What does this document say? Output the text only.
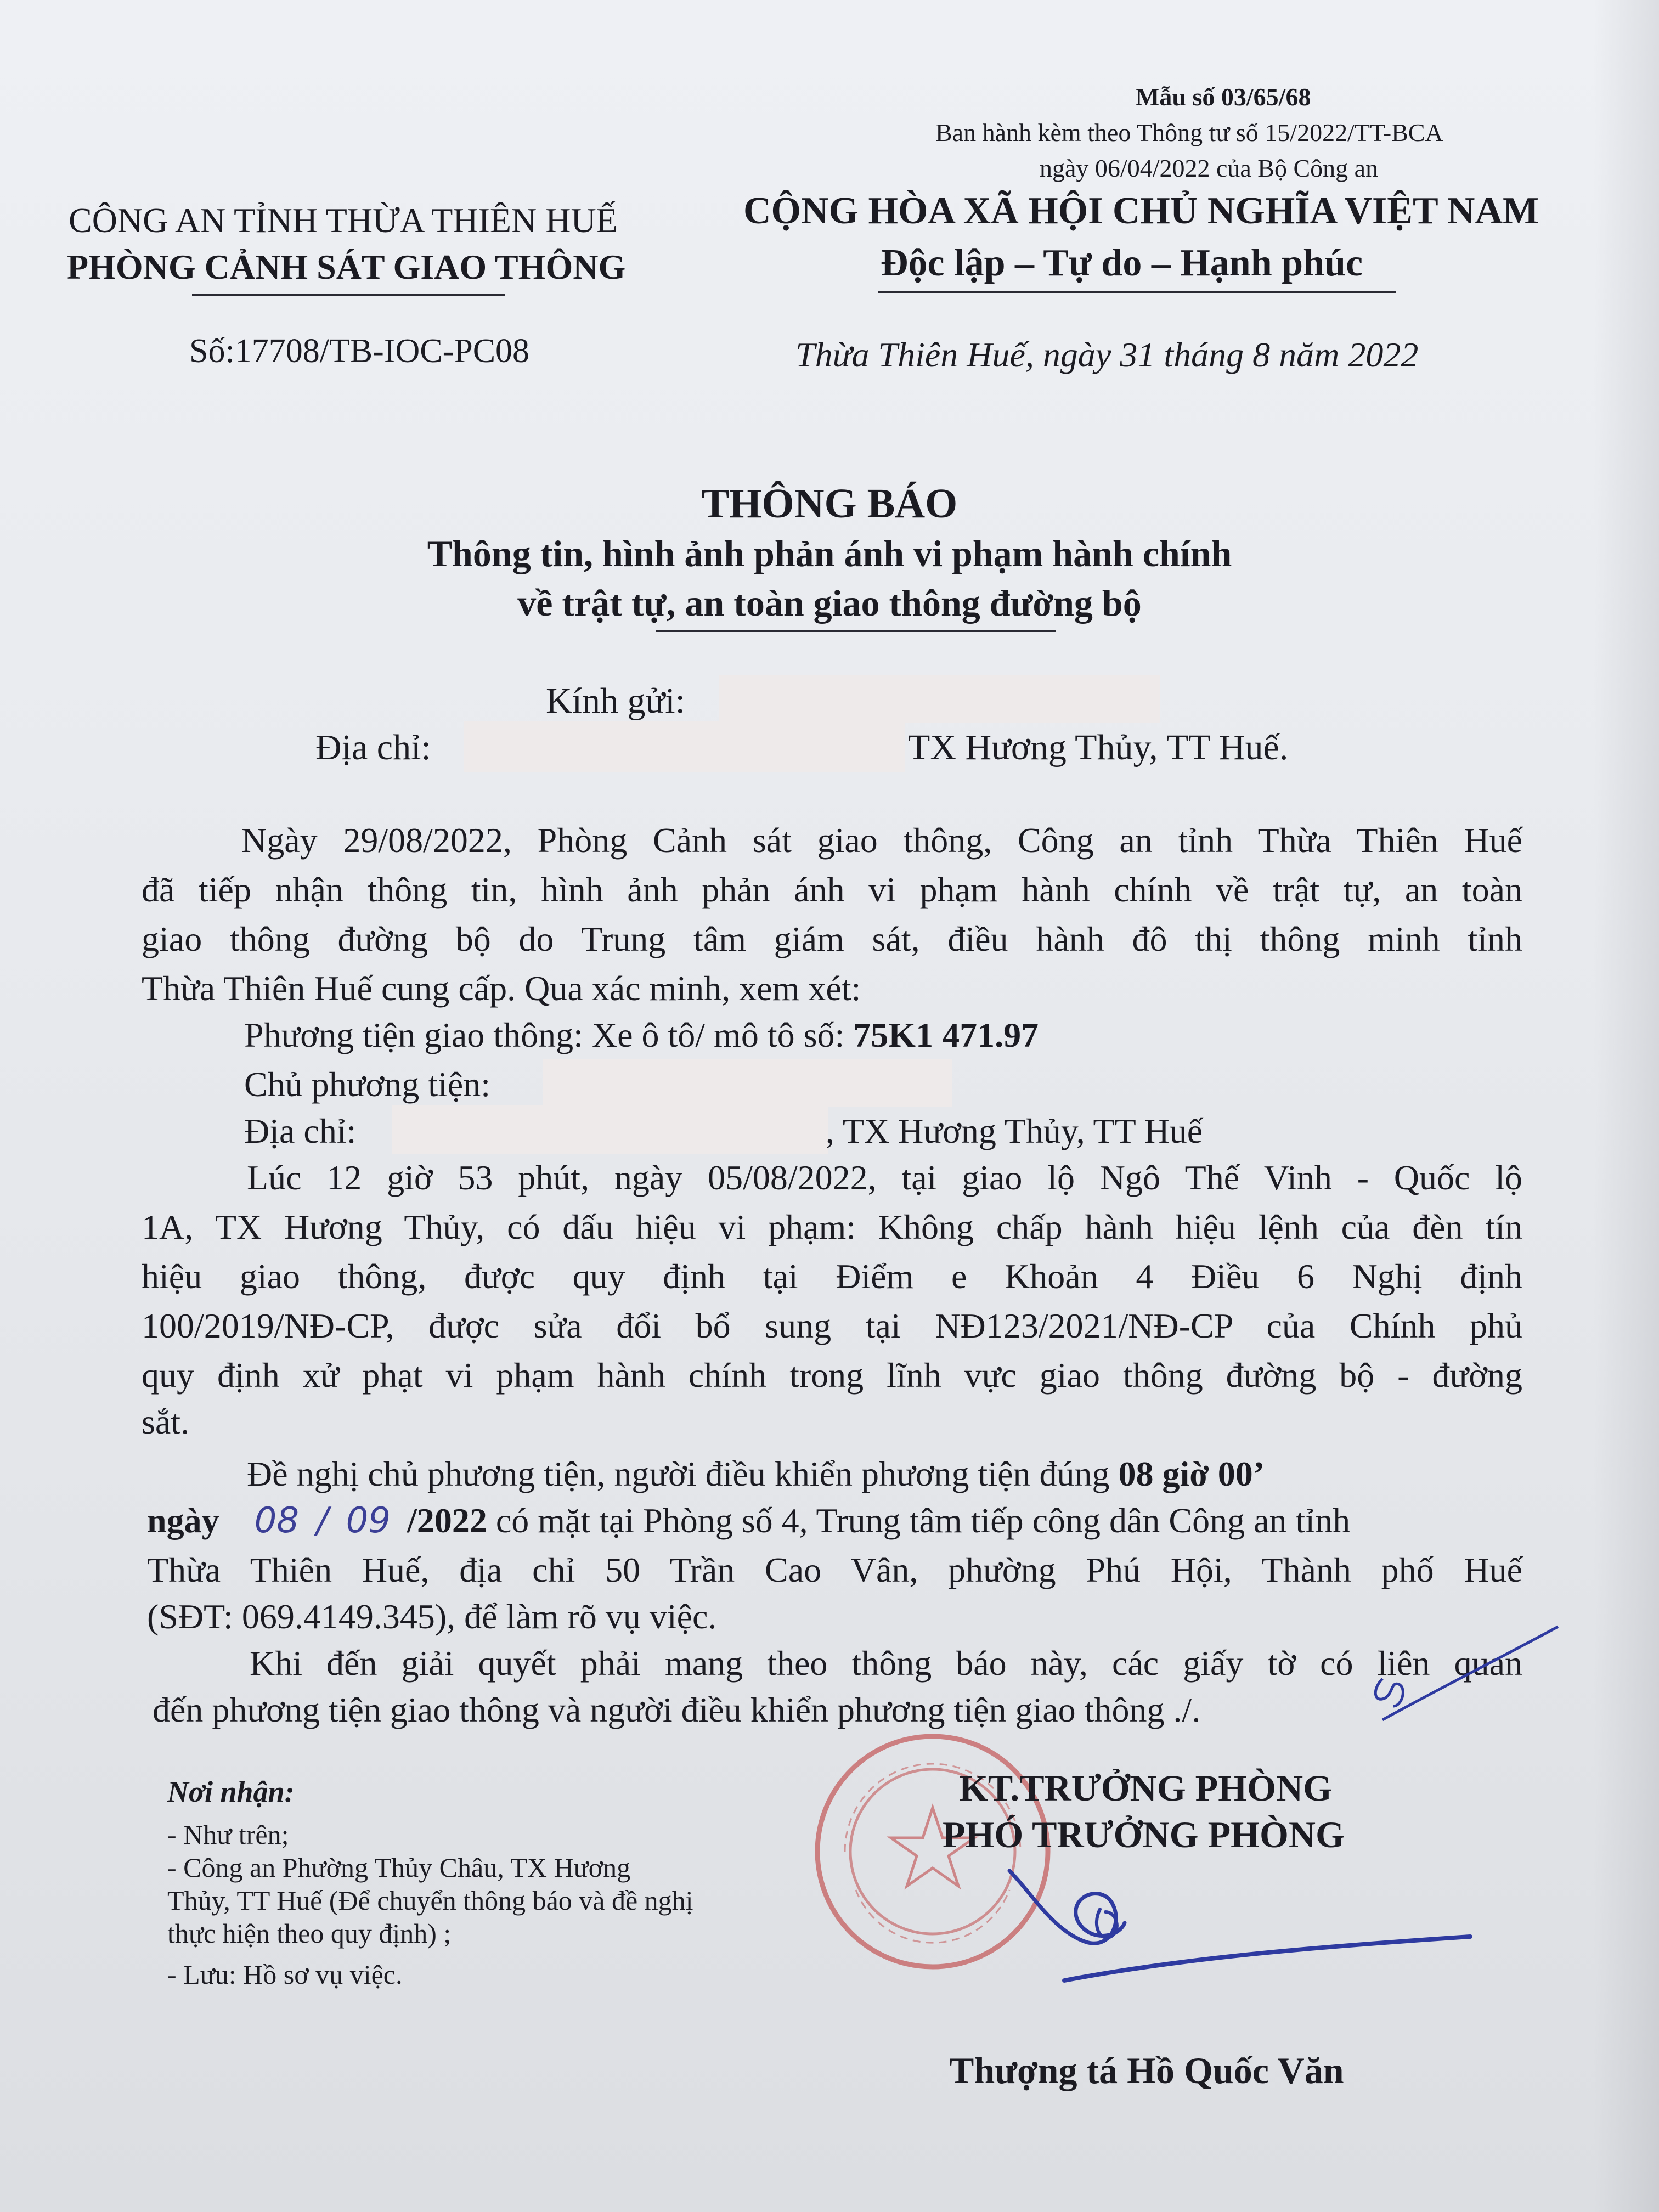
Mẫu số 03/65/68
Ban hành kèm theo Thông tư số 15/2022/TT-BCA
ngày 06/04/2022 của Bộ Công an
CÔNG AN TỈNH THỪA THIÊN HUẾ
PHÒNG CẢNH SÁT GIAO THÔNG
Số:17708/TB-IOC-PC08
CỘNG HÒA XÃ HỘI CHỦ NGHĨA VIỆT NAM
Độc lập – Tự do – Hạnh phúc
Thừa Thiên Huế, ngày 31 tháng 8 năm 2022
THÔNG BÁO
Thông tin, hình ảnh phản ánh vi phạm hành chính
về trật tự, an toàn giao thông đường bộ
Kính gửi:
Địa chỉ:	TX Hương Thủy, TT Huế.
Ngày 29/08/2022, Phòng Cảnh sát giao thông, Công an tỉnh Thừa Thiên Huế
đã tiếp nhận thông tin, hình ảnh phản ánh vi phạm hành chính về trật tự, an toàn
giao thông đường bộ do Trung tâm giám sát, điều hành đô thị thông minh tỉnh
Thừa Thiên Huế cung cấp. Qua xác minh, xem xét:
Phương tiện giao thông: Xe ô tô/ mô tô số: 75K1 471.97
Chủ phương tiện:
Địa chỉ:	, TX Hương Thủy, TT Huế
Lúc 12 giờ 53 phút, ngày 05/08/2022, tại giao lộ Ngô Thế Vinh - Quốc lộ
1A, TX Hương Thủy, có dấu hiệu vi phạm: Không chấp hành hiệu lệnh của đèn tín
hiệu giao thông, được quy định tại Điểm e Khoản 4 Điều 6 Nghị định
100/2019/NĐ-CP, được sửa đổi bổ sung tại NĐ123/2021/NĐ-CP của Chính phủ
quy định xử phạt vi phạm hành chính trong lĩnh vực giao thông đường bộ - đường
sắt.
Đề nghị chủ phương tiện, người điều khiển phương tiện đúng 08 giờ 00’
ngày 08 / 09 /2022 có mặt tại Phòng số 4, Trung tâm tiếp công dân Công an tỉnh
Thừa Thiên Huế, địa chỉ 50 Trần Cao Vân, phường Phú Hội, Thành phố Huế
(SĐT: 069.4149.345), để làm rõ vụ việc.
Khi đến giải quyết phải mang theo thông báo này, các giấy tờ có liên quan
đến phương tiện giao thông và người điều khiển phương tiện giao thông ./.
Nơi nhận:
- Như trên;
- Công an Phường Thủy Châu, TX Hương
Thủy, TT Huế (Để chuyển thông báo và đề nghị
thực hiện theo quy định) ;
- Lưu: Hồ sơ vụ việc.
KT.TRƯỞNG PHÒNG
PHÓ TRƯỞNG PHÒNG
Thượng tá Hồ Quốc Văn
